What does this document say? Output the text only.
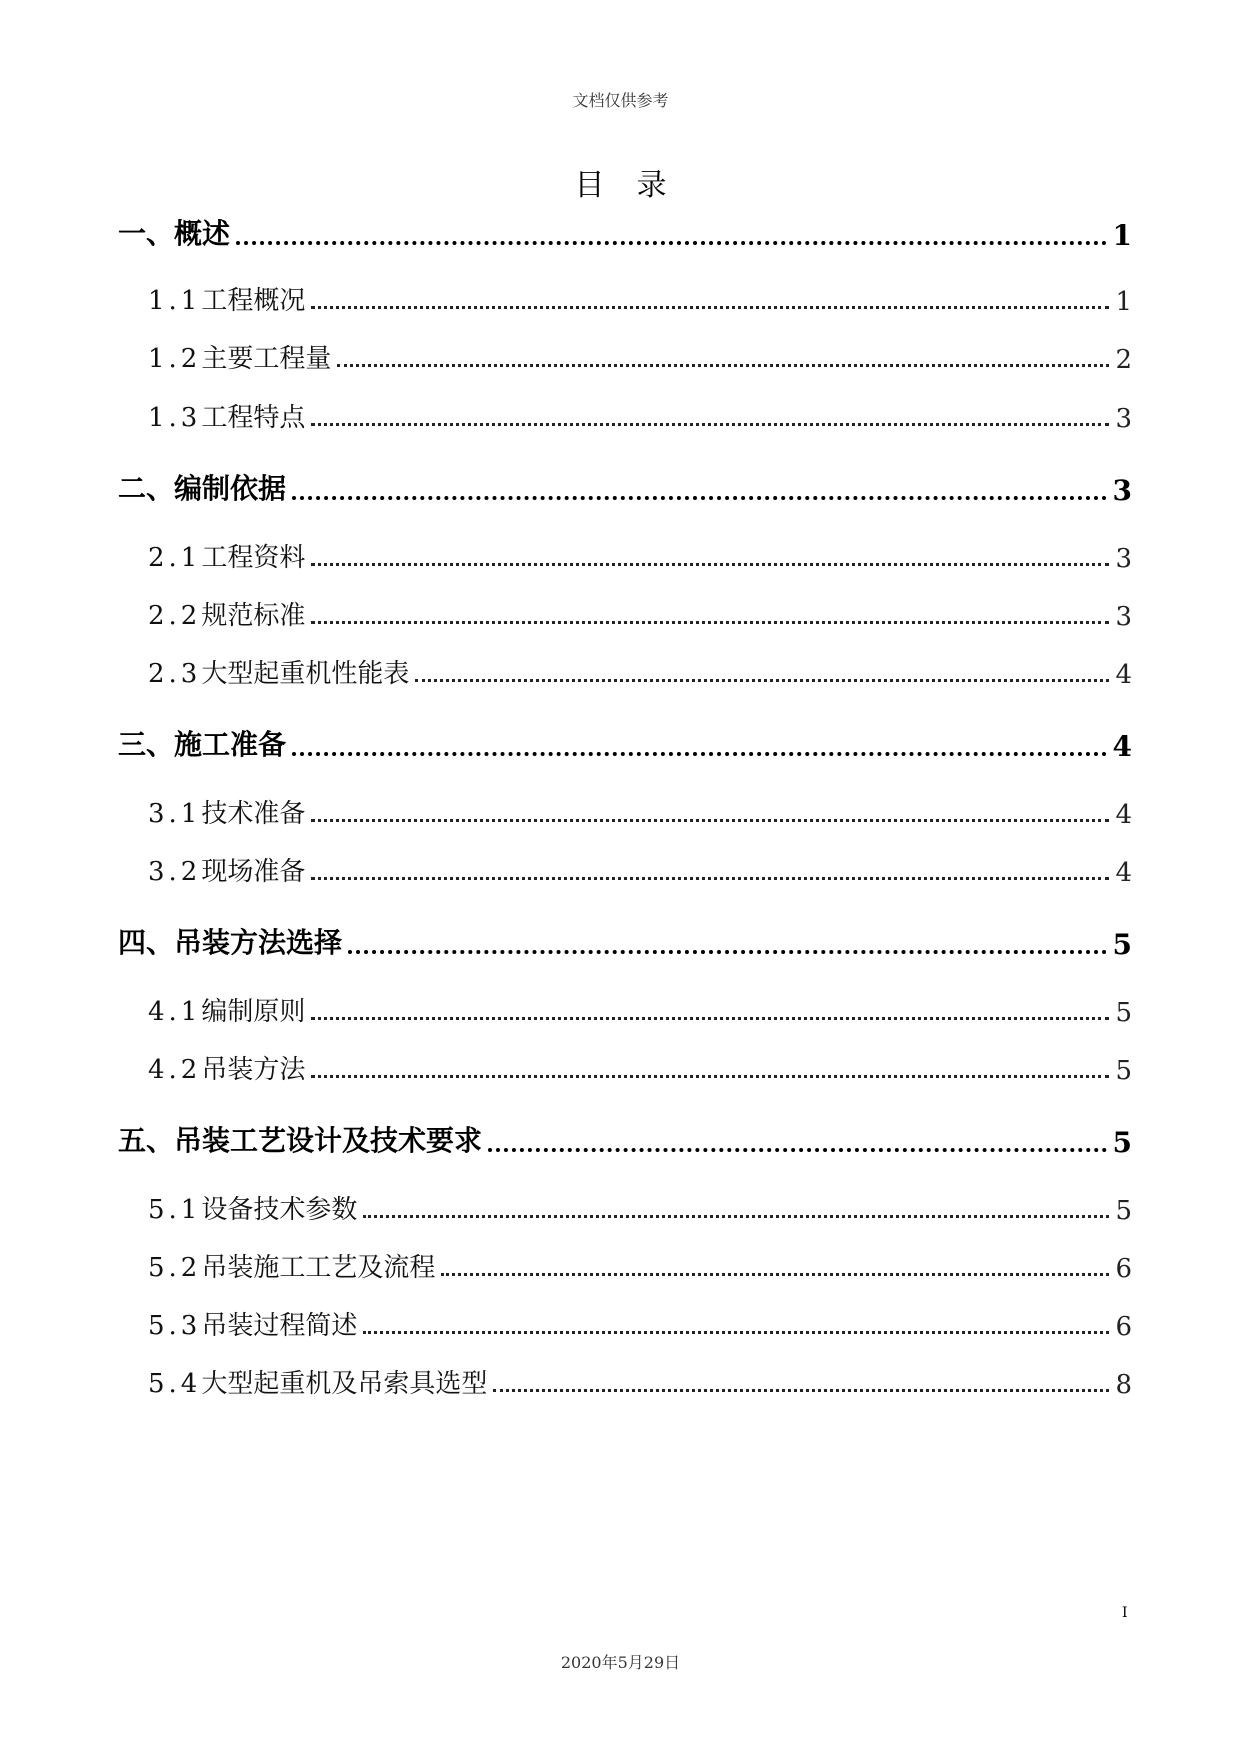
文档仅供参考
目录
一、概述	1
1.1工程概况	1
1.2主要工程量	2
1.3工程特点	3
二、编制依据	3
2.1工程资料	3
2.2规范标准	3
2.3大型起重机性能表	4
三、施工准备	4
3.1技术准备	4
3.2现场准备	4
四、吊装方法选择	5
4.1编制原则	5
4.2吊装方法	5
五、吊装工艺设计及技术要求	5
5.1设备技术参数	5
5.2吊装施工工艺及流程	6
5.3吊装过程简述	6
5.4大型起重机及吊索具选型	8
I
2020年5月29日
